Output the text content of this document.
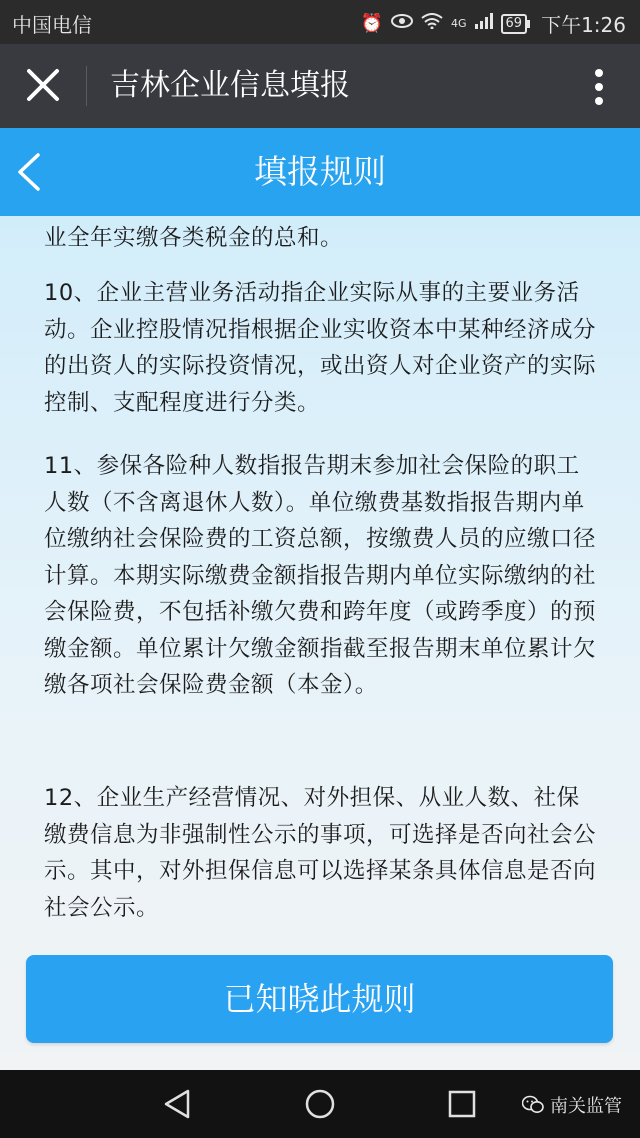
中国电信	⏰	4G	69 下午1:26
吉林企业信息填报
填报规则

业全年实缴各类税金的总和。

10、企业主营业务活动指企业实际从事的主要业务活动。企业控股情况指根据企业实收资本中某种经济成分的出资人的实际投资情况，或出资人对企业资产的实际控制、支配程度进行分类。

11、参保各险种人数指报告期末参加社会保险的职工人数（不含离退休人数）。单位缴费基数指报告期内单位缴纳社会保险费的工资总额，按缴费人员的应缴口径计算。本期实际缴费金额指报告期内单位实际缴纳的社会保险费，不包括补缴欠费和跨年度（或跨季度）的预缴金额。单位累计欠缴金额指截至报告期末单位累计欠缴各项社会保险费金额（本金）。

12、企业生产经营情况、对外担保、从业人数、社保缴费信息为非强制性公示的事项，可选择是否向社会公示。其中，对外担保信息可以选择某条具体信息是否向社会公示。

已知晓此规则
南关监管
